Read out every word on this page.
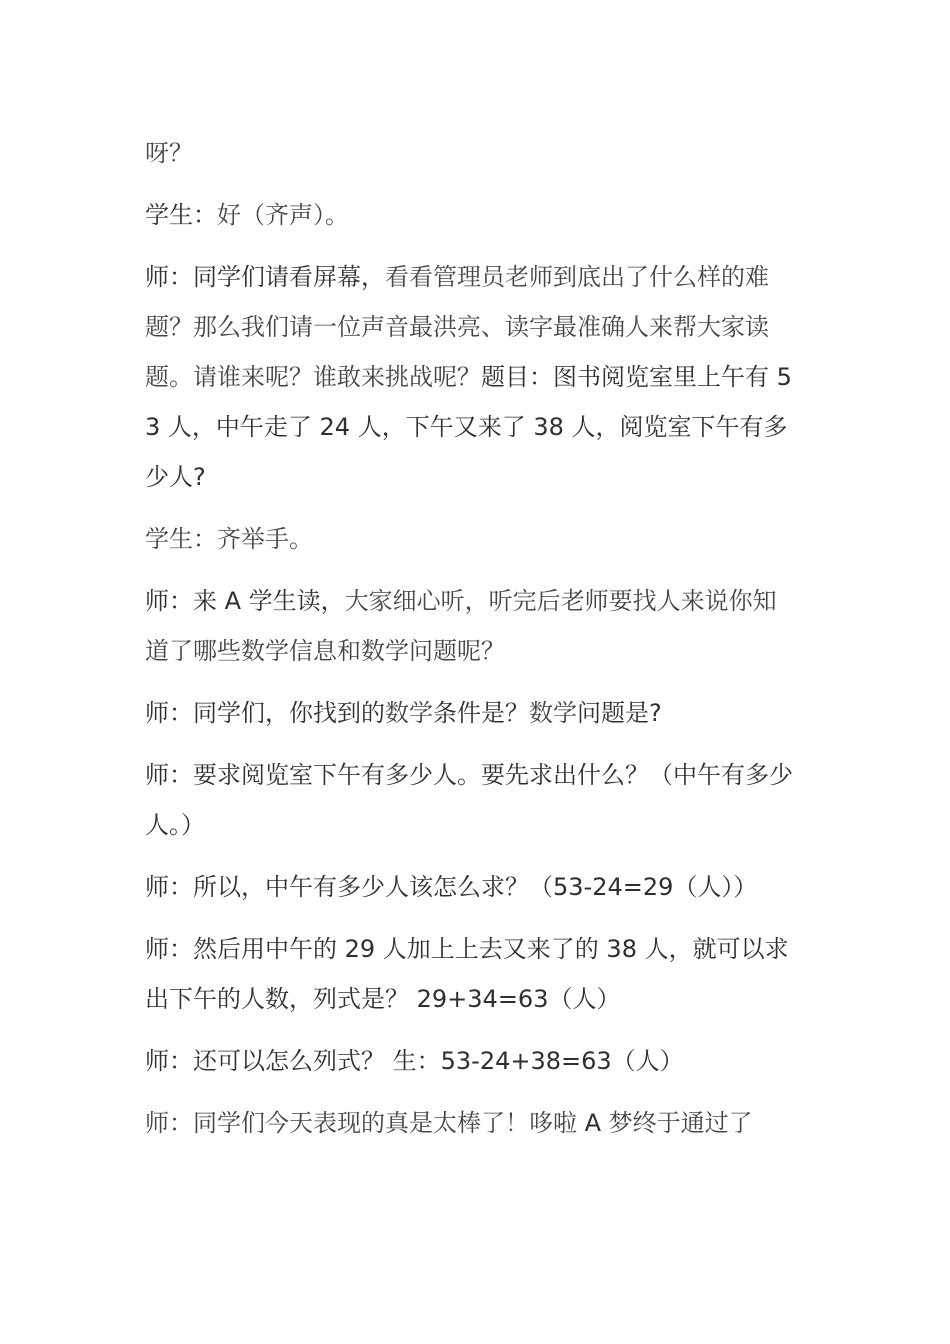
呀？

学生：好（齐声）。

师：同学们请看屏幕，看看管理员老师到底出了什么样的难题？那么我们请一位声音最洪亮、读字最准确人来帮大家读题。请谁来呢？谁敢来挑战呢？题目：图书阅览室里上午有 53 人，中午走了 24 人，下午又来了 38 人，阅览室下午有多少人?

学生：齐举手。

师：来 A 学生读，大家细心听，听完后老师要找人来说你知道了哪些数学信息和数学问题呢？

师：同学们，你找到的数学条件是？数学问题是?

师：要求阅览室下午有多少人。要先求出什么？（中午有多少人。）

师：所以，中午有多少人该怎么求？（53-24=29（人））

师：然后用中午的 29 人加上上去又来了的 38 人，就可以求出下午的人数，列式是？ 29+34=63（人）

师：还可以怎么列式？ 生：53-24+38=63（人）

师：同学们今天表现的真是太棒了！哆啦 A 梦终于通过了
